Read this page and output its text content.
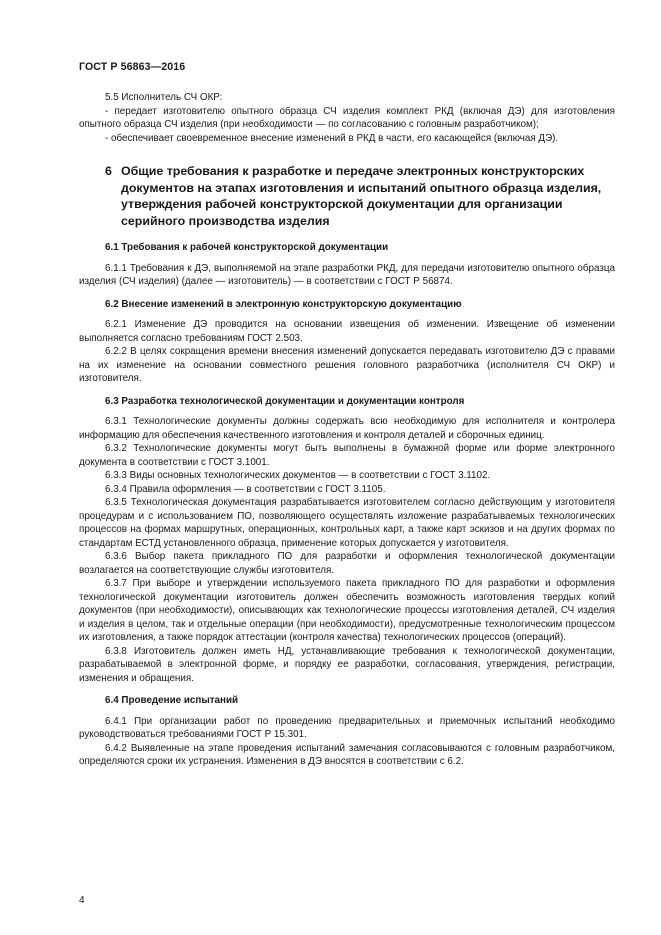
ГОСТ Р 56863—2016

5.5 Исполнитель СЧ ОКР:

- передает изготовителю опытного образца СЧ изделия комплект РКД (включая ДЭ) для изготовления опытного образца СЧ изделия (при необходимости — по согласованию с головным разработчиком);

- обеспечивает своевременное внесение изменений в РКД в части, его касающейся (включая ДЭ).

6 Общие требования к разработке и передаче электронных конструкторских документов на этапах изготовления и испытаний опытного образца изделия, утверждения рабочей конструкторской документации для организации серийного производства изделия
6.1 Требования к рабочей конструкторской документации

6.1.1 Требования к ДЭ, выполняемой на этапе разработки РКД, для передачи изготовителю опытного образца изделия (СЧ изделия) (далее — изготовитель) — в соответствии с ГОСТ Р 56874.

6.2 Внесение изменений в электронную конструкторскую документацию

6.2.1 Изменение ДЭ проводится на основании извещения об изменении. Извещение об изменении выполняется согласно требованиям ГОСТ 2.503.

6.2.2 В целях сокращения времени внесения изменений допускается передавать изготовителю ДЭ с правами на их изменение на основании совместного решения головного разработчика (исполнителя СЧ ОКР) и изготовителя.

6.3 Разработка технологической документации и документации контроля

6.3.1 Технологические документы должны содержать всю необходимую для исполнителя и контролера информацию для обеспечения качественного изготовления и контроля деталей и сборочных единиц.

6.3.2 Технологические документы могут быть выполнены в бумажной форме или форме электронного документа в соответствии с ГОСТ 3.1001.

6.3.3 Виды основных технологических документов — в соответствии с ГОСТ 3.1102.

6.3.4 Правила оформления — в соответствии с ГОСТ 3.1105.

6.3.5 Технологическая документация разрабатывается изготовителем согласно действующим у изготовителя процедурам и с использованием ПО, позволяющего осуществлять изложение разрабатываемых технологических процессов на формах маршрутных, операционных, контрольных карт, а также карт эскизов и на других формах по стандартам ЕСТД установленного образца, применение которых допускается у изготовителя.

6.3.6 Выбор пакета прикладного ПО для разработки и оформления технологической документации возлагается на соответствующие службы изготовителя.

6.3.7 При выборе и утверждении используемого пакета прикладного ПО для разработки и оформления технологической документации изготовитель должен обеспечить возможность изготовления твердых копий документов (при необходимости), описывающих как технологические процессы изготовления деталей, СЧ изделия и изделия в целом, так и отдельные операции (при необходимости), предусмотренные технологическим процессом их изготовления, а также порядок аттестации (контроля качества) технологических процессов (операций).

6.3.8 Изготовитель должен иметь НД, устанавливающие требования к технологической документации, разрабатываемой в электронной форме, и порядку ее разработки, согласования, утверждения, регистрации, изменения и обращения.

6.4 Проведение испытаний

6.4.1 При организации работ по проведению предварительных и приемочных испытаний необходимо руководствоваться требованиями ГОСТ Р 15.301.

6.4.2 Выявленные на этапе проведения испытаний замечания согласовываются с головным разработчиком, определяются сроки их устранения. Изменения в ДЭ вносятся в соответствии с 6.2.

4
